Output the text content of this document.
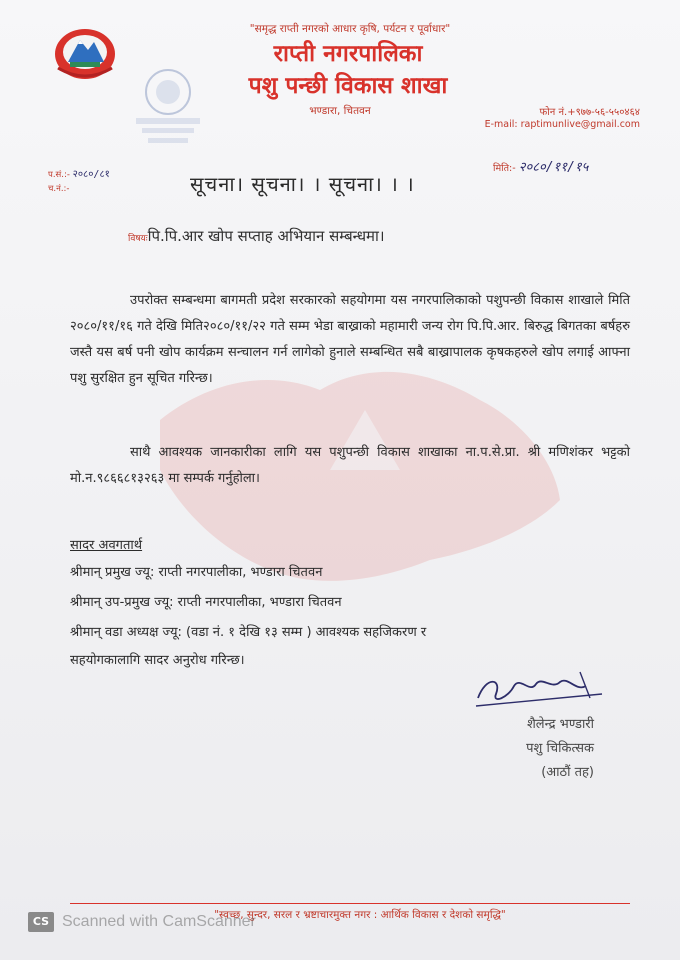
"समृद्ध राप्ती नगरको आधार कृषि, पर्यटन र पूर्वाधार"
राप्ती नगरपालिका
पशु पन्छी विकास शाखा
भण्डारा, चितवन	फोन नं.+९७७-५६-५५०४६४
E-mail: raptimunlive@gmail.com
प.सं.:- २०८०/८१
च.नं.:-
मिति:- २०८०/११/१५
सूचना। सूचना। । सूचना। । ।
विषयःपि.पि.आर खोप सप्ताह अभियान सम्बन्धमा।
उपरोक्त सम्बन्धमा बागमती प्रदेश सरकारको सहयोगमा यस नगरपालिकाको पशुपन्छी विकास शाखाले मिति २०८०/११/१६ गते देखि मिति२०८०/११/२२ गते सम्म भेडा बाख्राको महामारी जन्य रोग पि.पि.आर. बिरुद्ध बिगतका बर्षहरु जस्तै यस बर्ष पनी खोप कार्यक्रम सन्चालन गर्न लागेको हुनाले सम्बन्धित सबै बाख्रापालक कृषकहरुले खोप लगाई आफ्ना पशु सुरक्षित हुन सूचित गरिन्छ।
साथै आवश्यक जानकारीका लागि यस पशुपन्छी विकास शाखाका ना.प.से.प्रा. श्री मणिशंकर भट्टको मो.न.९८६६८१३२६३ मा सम्पर्क गर्नुहोला।
सादर अवगतार्थ
श्रीमान् प्रमुख ज्यू: राप्ती नगरपालीका, भण्डारा चितवन
श्रीमान् उप-प्रमुख ज्यू: राप्ती नगरपालीका, भण्डारा चितवन
श्रीमान् वडा अध्यक्ष ज्यू: (वडा नं. १ देखि १३ सम्म ) आवश्यक सहजिकरण र
सहयोगकालागि सादर अनुरोध गरिन्छ।
शैलेन्द्र भण्डारी
पशु चिकित्सक
(आठौं तह)
"स्वच्छ, सुन्दर, सरल र भ्रष्टाचारमुक्त नगर : आर्थिक विकास र देशको समृद्धि"
CS Scanned with CamScanner
